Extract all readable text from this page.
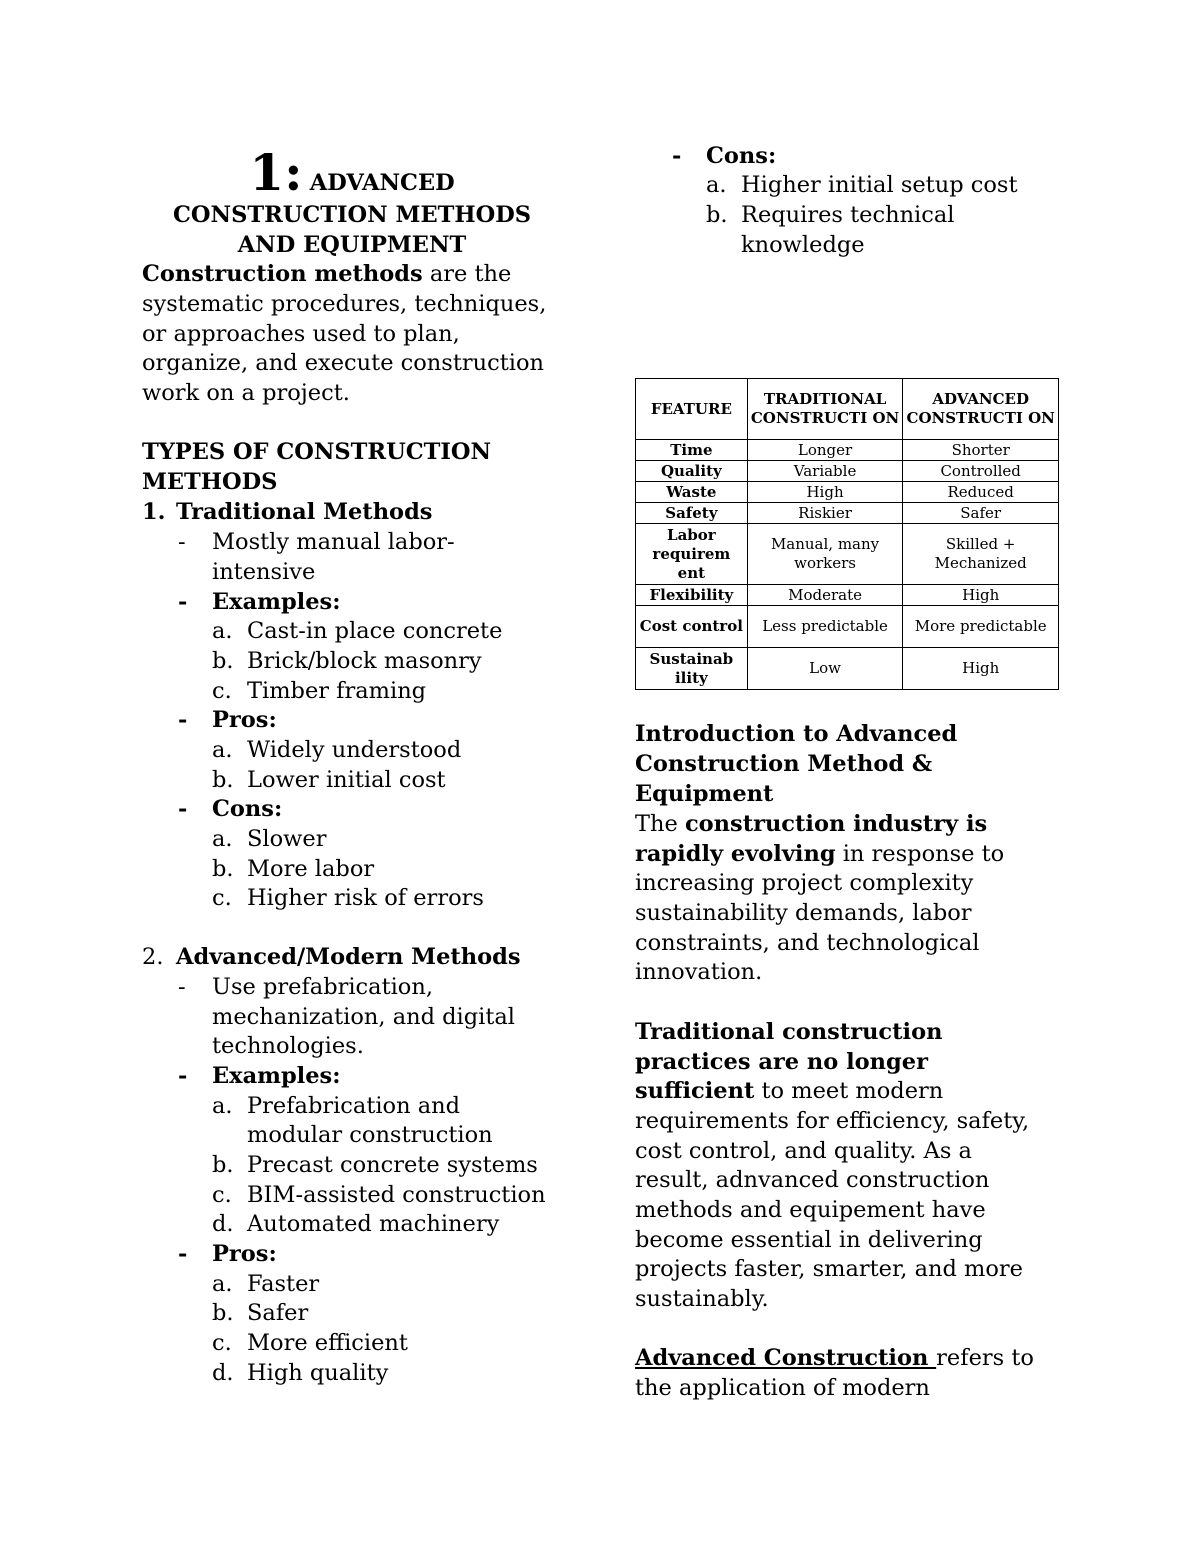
1: ADVANCED
CONSTRUCTION METHODS
AND EQUIPMENT
Construction methods are the
systematic procedures, techniques,
or approaches used to plan,
organize, and execute construction
work on a project.
TYPES OF CONSTRUCTION
METHODS
1. Traditional Methods
- Mostly manual labor-
intensive
- Examples:
a. Cast-in place concrete
b. Brick/block masonry
c. Timber framing
- Pros:
a. Widely understood
b. Lower initial cost
- Cons:
a. Slower
b. More labor
c. Higher risk of errors
2. Advanced/Modern Methods
- Use prefabrication,
mechanization, and digital
technologies.
- Examples:
a. Prefabrication and
modular construction
b. Precast concrete systems
c. BIM-assisted construction
d. Automated machinery
- Pros:
a. Faster
b. Safer
c. More efficient
d. High quality
- Cons:
a. Higher initial setup cost
b. Requires technical
knowledge
FEATURE	TRADITIONAL CONSTRUCTI ON	ADVANCED CONSTRUCTI ON
Time	Longer	Shorter
Quality	Variable	Controlled
Waste	High	Reduced
Safety	Riskier	Safer
Labor requirem ent	Manual, many workers	Skilled + Mechanized
Flexibility	Moderate	High
Cost control	Less predictable	More predictable
Sustainab ility	Low	High
Introduction to Advanced
Construction Method &
Equipment
The construction industry is
rapidly evolving in response to
increasing project complexity
sustainability demands, labor
constraints, and technological
innovation.
Traditional construction
practices are no longer
sufficient to meet modern
requirements for efficiency, safety,
cost control, and quality. As a
result, adnvanced construction
methods and equipement have
become essential in delivering
projects faster, smarter, and more
sustainably.
Advanced Construction refers to
the application of modern
